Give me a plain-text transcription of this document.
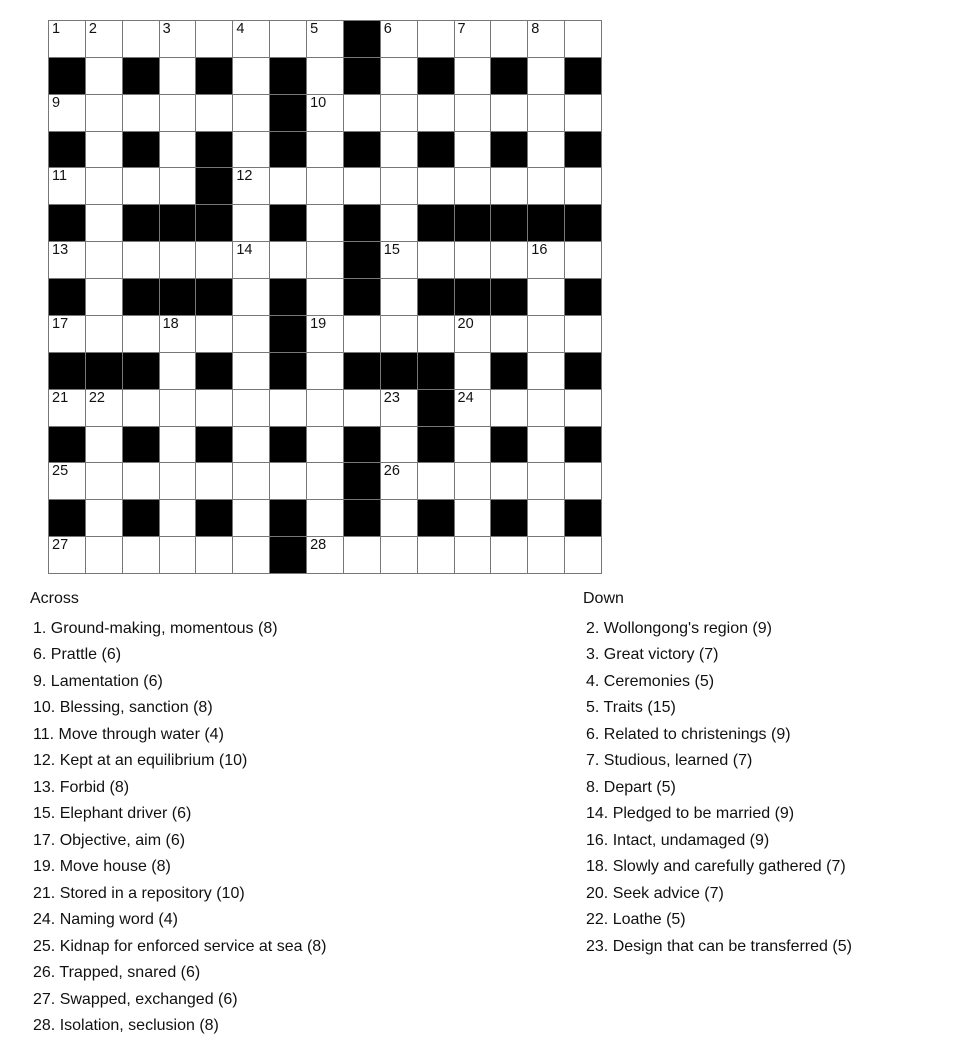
1 2	3	4	5	6	7	8
9	10
11	12
13	14	15	16
17	18	19	20
21 22	23	24
25	26
27	28
Across
1 . Ground-making, momentous (8)
6 . Prattle (6)
9 . Lamentation (6)
10 . Blessing, sanction (8)
11 . Move through water (4)
12 . Kept at an equilibrium (10)
13 . Forbid (8)
15 . Elephant driver (6)
17 . Objective, aim (6)
19 . Move house (8)
21 . Stored in a repository (10)
24 . Naming word (4)
25 . Kidnap for enforced service at sea (8)
26 . Trapped, snared (6)
27 . Swapped, exchanged (6)
28 . Isolation, seclusion (8)
Down
2 . Wollongong's region (9)
3 . Great victory (7)
4 . Ceremonies (5)
5 . Traits (15)
6 . Related to christenings (9)
7 . Studious, learned (7)
8 . Depart (5)
14 . Pledged to be married (9)
16 . Intact, undamaged (9)
18 . Slowly and carefully gathered (7)
20 . Seek advice (7)
22 . Loathe (5)
23 . Design that can be transferred (5)
